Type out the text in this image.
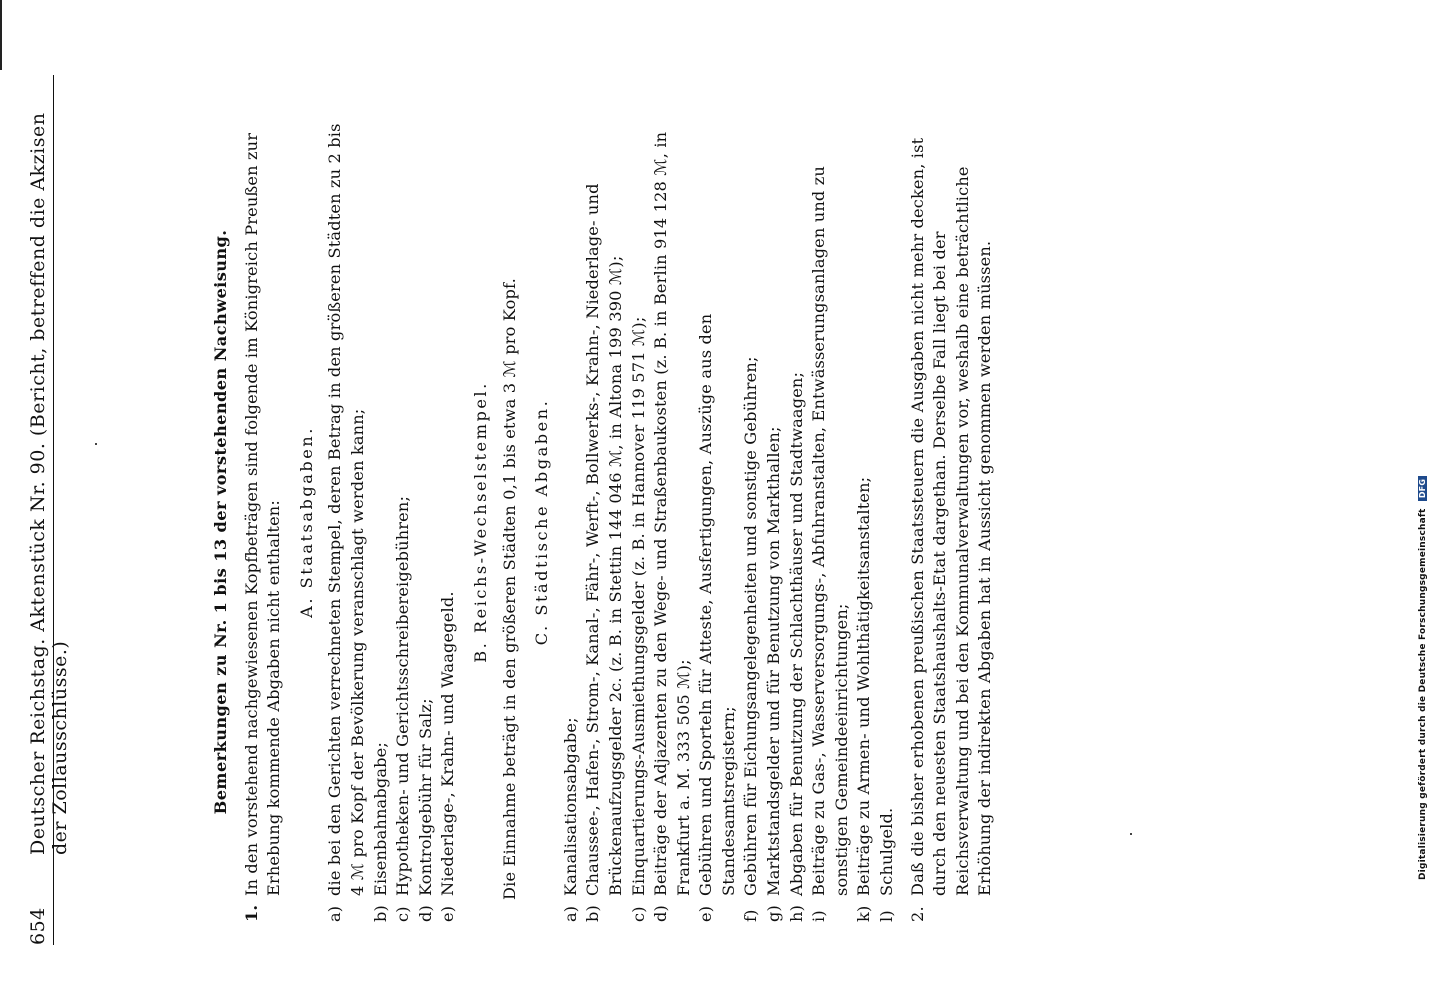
654
Deutscher Reichstag. Aktenstück Nr. 90. (Bericht, betreffend die Akzisen der Zollausschlüsse.)	Bemerkungen zu Nr. 1 bis 13 der vorstehenden Nachweisung.

1.
In den vorstehend nachgewiesenen Kopfbeträgen sind folgende im Königreich Preußen zur Erhebung kommende Abgaben nicht enthalten: A. Staatsabgaben.

a)
die bei den Gerichten verrechneten Stempel, deren Betrag in den größeren Städten zu 2 bis 4 ℳ pro Kopf der Bevölkerung veranschlagt werden kann;

b)
Eisenbahnabgabe;

c)
Hypotheken- und Gerichtsschreibereigebühren;

d)
Kontrolgebühr für Salz;

e)
Niederlage-, Krahn- und Waagegeld.

B. Reichs-Wechselstempel. Die Einnahme beträgt in den größeren Städten 0,1 bis etwa 3 ℳ pro Kopf. C. Städtische Abgaben.

a)
Kanalisationsabgabe;

b)
Chaussee-, Hafen-, Strom-, Kanal-, Fähr-, Werft-, Bollwerks-, Krahn-, Niederlage- und Brückenaufzugsgelder 2c. (z. B. in Stettin 144 046 ℳ, in Altona 199 390 ℳ);

c)
Einquartierungs-Ausmiethungsgelder (z. B. in Hannover 119 571 ℳ);

d)
Beiträge der Adjazenten zu den Wege- und Straßenbaukosten (z. B. in Berlin 914 128 ℳ, in Frankfurt a. M. 333 505 ℳ);

e)
Gebühren und Sporteln für Atteste, Ausfertigungen, Auszüge aus den Standesamtsregistern;

f)
Gebühren für Eichungsangelegenheiten und sonstige Gebühren;

g)
Marktstandsgelder und für Benutzung von Markthallen;

h)
Abgaben für Benutzung der Schlachthäuser und Stadtwaagen;

i)
Beiträge zu Gas-, Wasserversorgungs-, Abfuhranstalten, Entwässerungsanlagen und zu sonstigen Gemeindeeinrichtungen;

k)
Beiträge zu Armen- und Wohlthätigkeitsanstalten;

l)
Schulgeld.

2.
Daß die bisher erhobenen preußischen Staatssteuern die Ausgaben nicht mehr decken, ist durch den neuesten Staatshaushalts-Etat dargethan. Derselbe Fall liegt bei der Reichsverwaltung und bei den Kommunalverwaltungen vor, weshalb eine beträchtliche Erhöhung der indirekten Abgaben hat in Aussicht genommen werden müssen.	Digitalisierung gefördert durch die Deutsche Forschungsgemeinschaft DFG
